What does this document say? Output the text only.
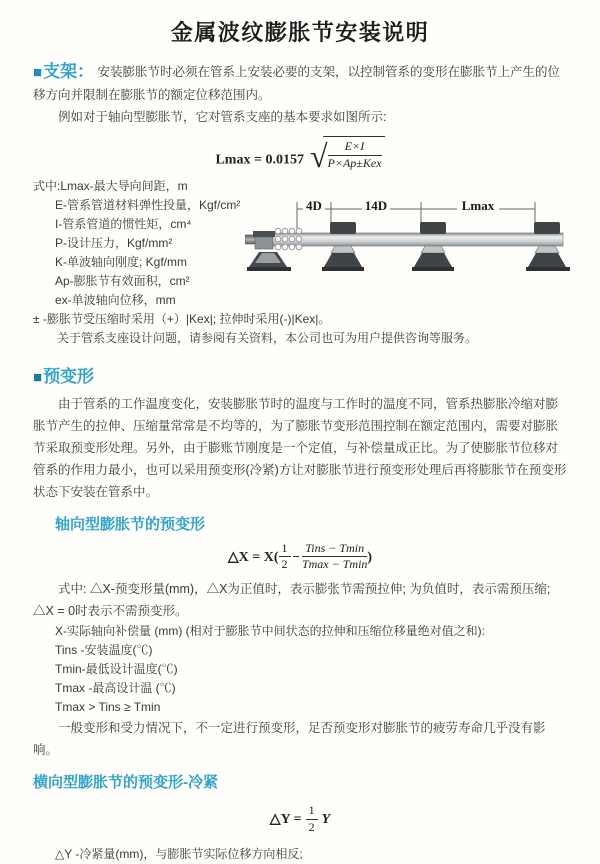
金属波纹膨胀节安装说明

■支架： 安装膨胀节时必须在管系上安装必要的支架，以控制管系的变形在膨胀节上产生的位移方向并限制在膨胀节的额定位移范围内。

例如对于轴向型膨胀节，它对管系支座的基本要求如图所示:

Lmax = 0.0157 √ $\frac{E\times I}{\text{P×Ap±Kex}}$
式中:Lmax-最大导向间距，m
E-管系管道材料弹性投量，Kgf/cm²
I-管系管道的惯性矩，cm⁴
P-设计压力，Kgf/mm²
K-单波轴向刚度; Kgf/mm
Ap-膨胀节有效面积，cm²
ex-单波轴向位移，mm
4D	14D	Lmax

± -膨胀节受压缩时采用（+）|Kex|; 拉伸时采用(-)|Kex|。

关于管系支座设计问题，请参阅有关资料，本公司也可为用户提供咨询等服务。

■预变形

由于管系的工作温度变化，安装膨胀节时的温度与工作时的温度不同，管系热膨胀冷缩对膨胀节产生的拉伸、压缩量常常是不均等的，为了膨胀节变形范围控制在额定范围内，需要对膨胀节采取预变形处理。另外，由于膨账节刚度是一个定值，与补偿量成正比。为了使膨胀节位移对管系的作用力最小，也可以采用预变形(冷紧)方让对膨胀节进行预变形处理后再将膨胀节在预变形状态下安装在管系中。

轴向型膨胀节的预变形
△X = $X( \frac{1}{2} - \frac{\text{Tins − Tmin}}{Tmax - Tmin}$ )

式中: △X-预变形量(mm)，△X为正值时，表示膨张节需预拉伸; 为负值时，表示需预压缩; △X = 0时表示不需预变形。

X-实际轴向补偿量 (mm) (相对于膨胀节中间状态的拉伸和压缩位移量绝对值之和):

Tins -安装温度(℃)

Tmin-最低设计温度(℃)

Tmax -最高设计温 (℃)

Tmax > Tins ≥ Tmin

一般变形和受力情况下，不一定进行预变形，足否预变形对膨胀节的疲劳寿命几乎没有影响。

横向型膨胀节的预变形-冷紧
△Y = $\frac{1}{2}$ Y

△Y -冷紧量(mm)，与膨胀节实际位移方向相反;
